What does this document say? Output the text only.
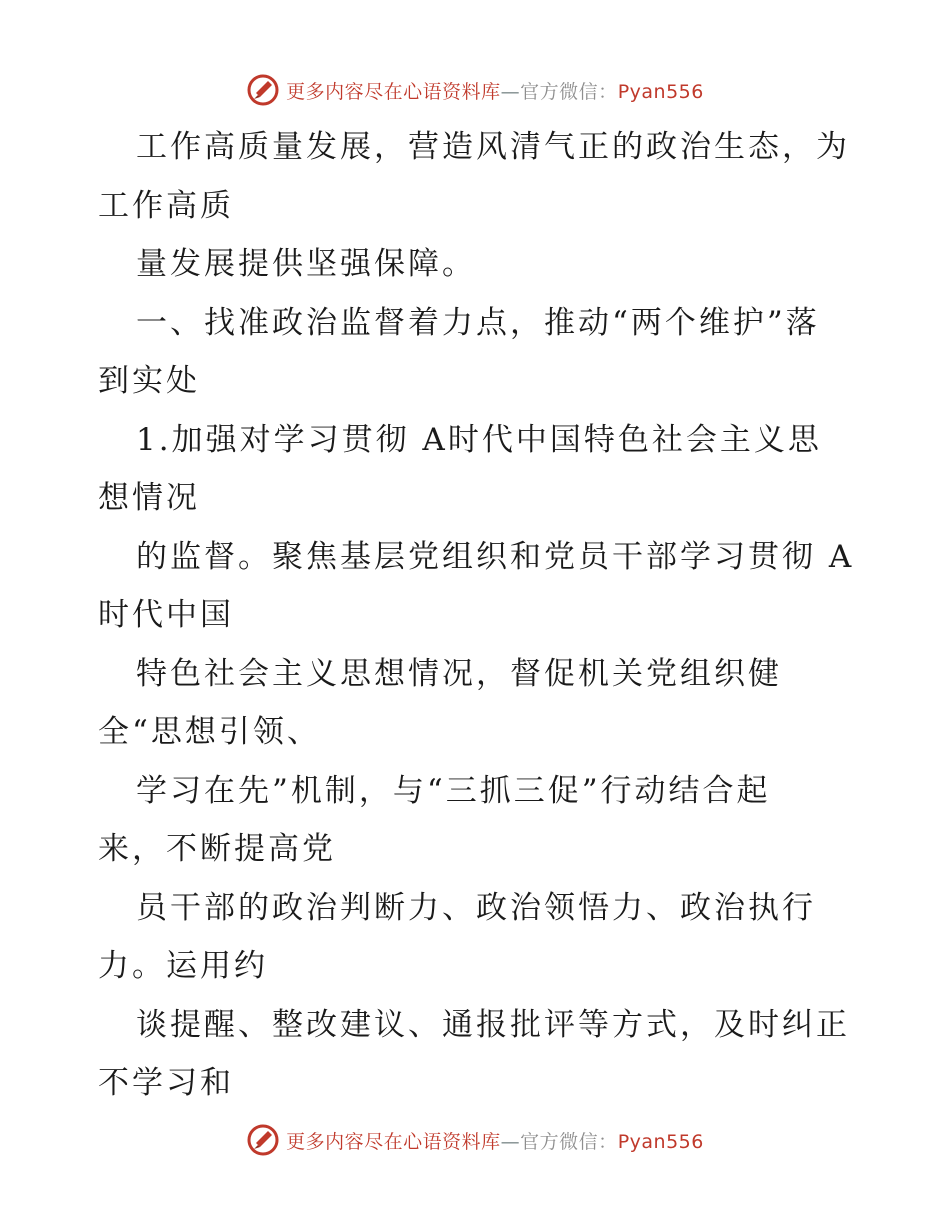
更多内容尽在心语资料库—官方微信：Pyan556
工作高质量发展，营造风清气正的政治生态，为
工作高质
量发展提供坚强保障。
一、找准政治监督着力点，推动“两个维护”落
到实处
1.加强对学习贯彻 A时代中国特色社会主义思
想情况
的监督。聚焦基层党组织和党员干部学习贯彻 A
时代中国
特色社会主义思想情况，督促机关党组织健
全“思想引领、
学习在先”机制，与“三抓三促”行动结合起
来，不断提高党
员干部的政治判断力、政治领悟力、政治执行
力。运用约
谈提醒、整改建议、通报批评等方式，及时纠正
不学习和
更多内容尽在心语资料库—官方微信：Pyan556
